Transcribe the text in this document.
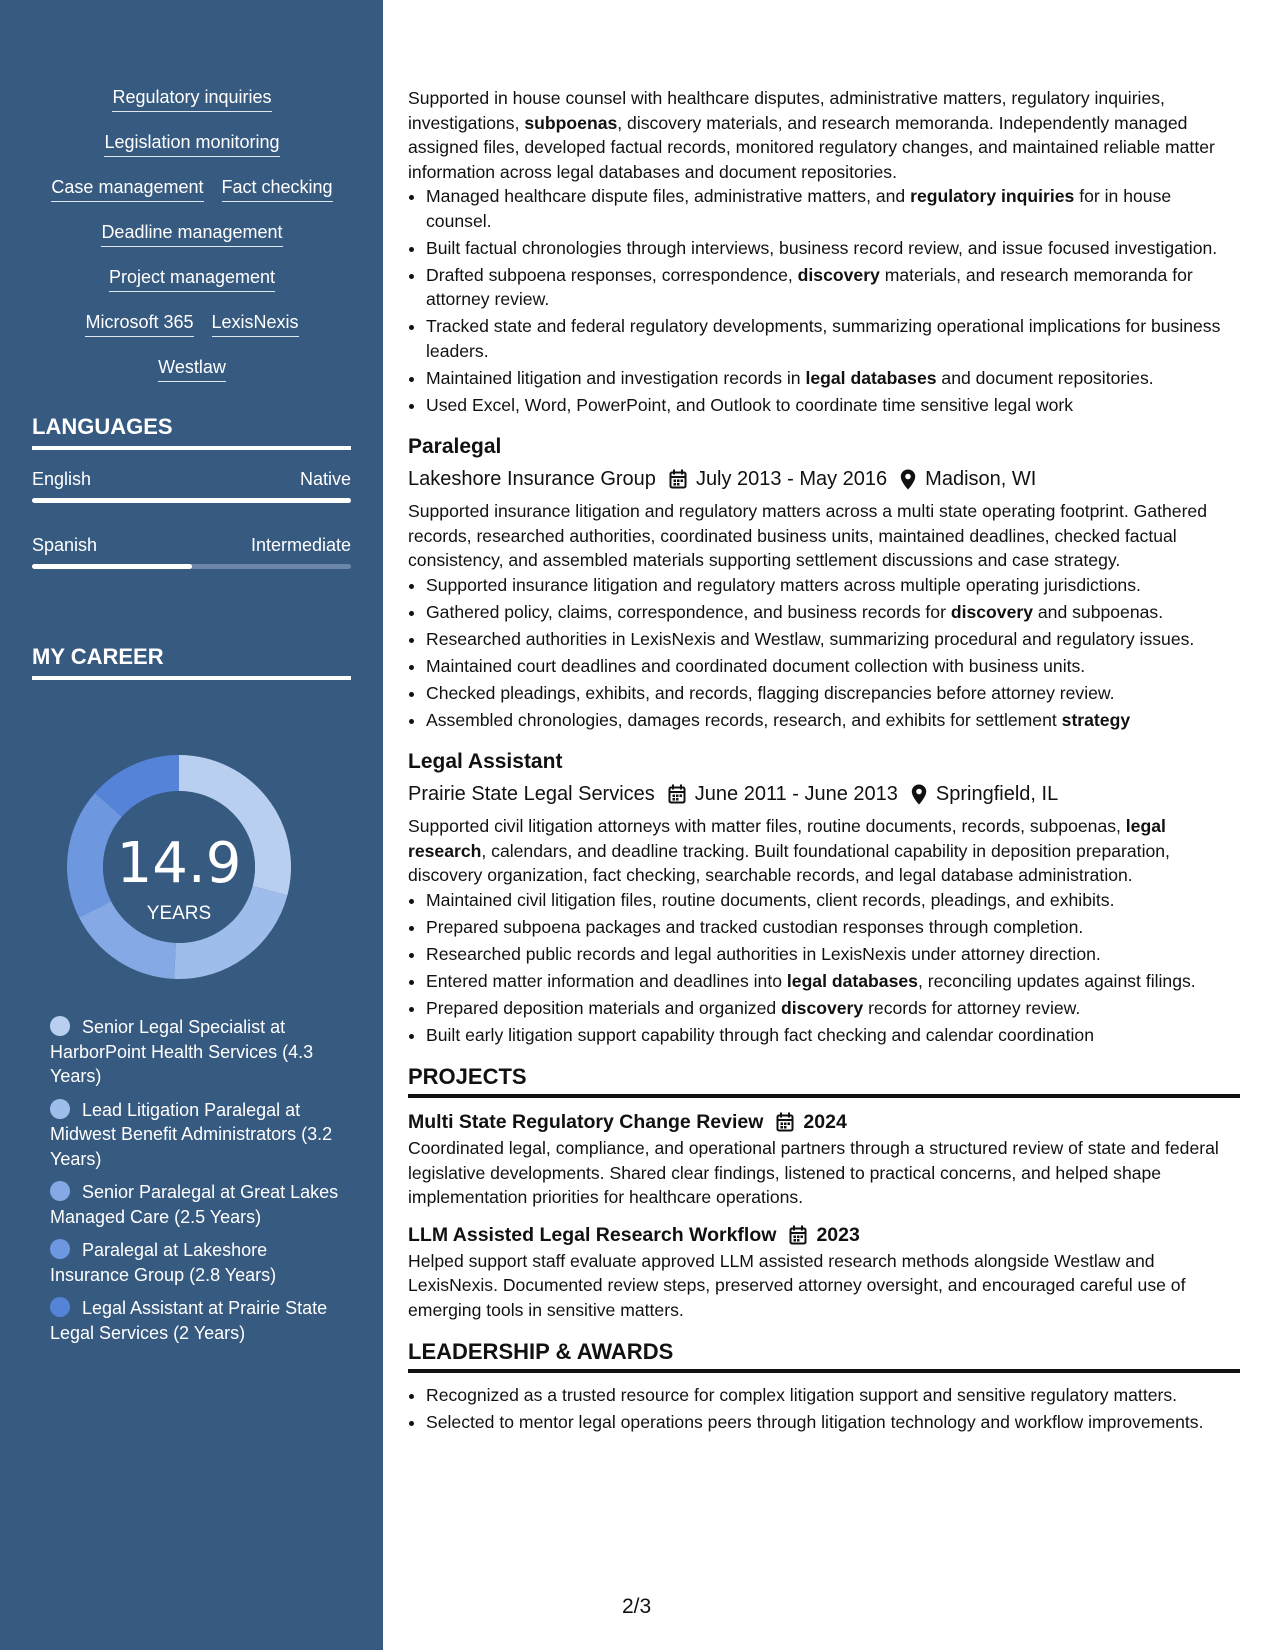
Regulatory inquiries
Legislation monitoring
Case management Fact checking
Deadline management
Project management
Microsoft 365 LexisNexis
Westlaw
LANGUAGES
English	Native
Spanish	Intermediate
MY CAREER
14.9
YEARS
Senior Legal Specialist at HarborPoint Health Services (4.3 Years)
Lead Litigation Paralegal at Midwest Benefit Administrators (3.2 Years)
Senior Paralegal at Great Lakes Managed Care (2.5 Years)
Paralegal at Lakeshore Insurance Group (2.8 Years)
Legal Assistant at Prairie State Legal Services (2 Years)

Supported in house counsel with healthcare disputes, administrative matters, regulatory inquiries, investigations, subpoenas, discovery materials, and research memoranda. Independently managed assigned files, developed factual records, monitored regulatory changes, and maintained reliable matter information across legal databases and document repositories.

• Managed healthcare dispute files, administrative matters, and regulatory inquiries for in house counsel.
• Built factual chronologies through interviews, business record review, and issue focused investigation.
• Drafted subpoena responses, correspondence, discovery materials, and research memoranda for attorney review.
• Tracked state and federal regulatory developments, summarizing operational implications for business leaders.
• Maintained litigation and investigation records in legal databases and document repositories.
• Used Excel, Word, PowerPoint, and Outlook to coordinate time sensitive legal work
Paralegal
Lakeshore Insurance Group July 2013 - May 2016 Madison, WI

Supported insurance litigation and regulatory matters across a multi state operating footprint. Gathered records, researched authorities, coordinated business units, maintained deadlines, checked factual consistency, and assembled materials supporting settlement discussions and case strategy.

• Supported insurance litigation and regulatory matters across multiple operating jurisdictions.
• Gathered policy, claims, correspondence, and business records for discovery and subpoenas.
• Researched authorities in LexisNexis and Westlaw, summarizing procedural and regulatory issues.
• Maintained court deadlines and coordinated document collection with business units.
• Checked pleadings, exhibits, and records, flagging discrepancies before attorney review.
• Assembled chronologies, damages records, research, and exhibits for settlement strategy
Legal Assistant
Prairie State Legal Services June 2011 - June 2013 Springfield, IL

Supported civil litigation attorneys with matter files, routine documents, records, subpoenas, legal research, calendars, and deadline tracking. Built foundational capability in deposition preparation, discovery organization, fact checking, searchable records, and legal database administration.

• Maintained civil litigation files, routine documents, client records, pleadings, and exhibits.
• Prepared subpoena packages and tracked custodian responses through completion.
• Researched public records and legal authorities in LexisNexis under attorney direction.
• Entered matter information and deadlines into legal databases, reconciling updates against filings.
• Prepared deposition materials and organized discovery records for attorney review.
• Built early litigation support capability through fact checking and calendar coordination
PROJECTS
Multi State Regulatory Change Review 2024

Coordinated legal, compliance, and operational partners through a structured review of state and federal legislative developments. Shared clear findings, listened to practical concerns, and helped shape implementation priorities for healthcare operations.

LLM Assisted Legal Research Workflow 2023

Helped support staff evaluate approved LLM assisted research methods alongside Westlaw and LexisNexis. Documented review steps, preserved attorney oversight, and encouraged careful use of emerging tools in sensitive matters.

LEADERSHIP & AWARDS
• Recognized as a trusted resource for complex litigation support and sensitive regulatory matters.
• Selected to mentor legal operations peers through litigation technology and workflow improvements.
2/3
